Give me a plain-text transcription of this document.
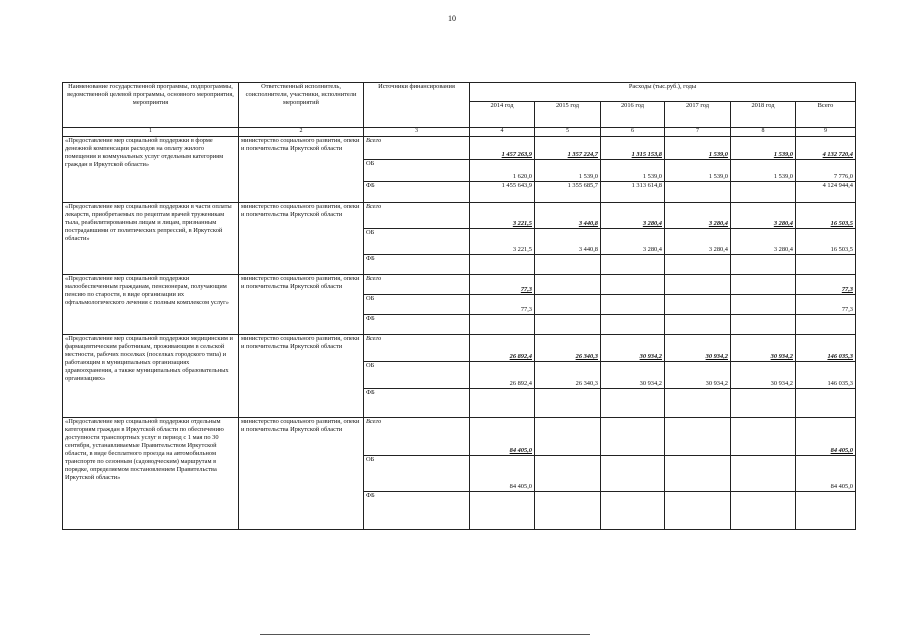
10
Наименование государственной программы, подпрограммы, ведомственной целевой программы, основного мероприятия, мероприятия	Ответственный исполнитель, соисполнители, участники, исполнители мероприятий	Источники финансирования	Расходы (тыс.руб.), годы					
			2014 год	2015 год	2016 год	2017 год	2018 год	Всего
1	2	3	4	5	6	7	8	9
«Предоставление мер социальной поддержки в форме денежной компенсации расходов на оплату жилого помещения и коммунальных услуг отдельным категориям граждан в Иркутской области»	министерство социального развития, опеки и попечительства Иркутской области	Всего	1 457 263,9	1 357 224,7	1 315 153,8	1 539,0	1 539,0	4 132 720,4
		ОБ	1 620,0	1 539,0	1 539,0	1 539,0	1 539,0	7 776,0
		ФБ	1 455 643,9	1 355 685,7	1 313 614,8			4 124 944,4
«Предоставление мер социальной поддержки в части оплаты лекарств, приобретаемых по рецептам врачей труженикам тыла, реабилитированным лицам и лицам, признанным пострадавшими от политических репрессий, в Иркутской области»	министерство социального развития, опеки и попечительства Иркутской области	Всего	3 221,5	3 440,8	3 280,4	3 280,4	3 280,4	16 503,5
		ОБ	3 221,5	3 440,8	3 280,4	3 280,4	3 280,4	16 503,5
		ФБ						
«Предоставление мер социальной поддержки малообеспеченным гражданам, пенсионерам, получающим пенсию по старости, в виде организации их офтальмологического лечения с полным комплексом услуг»	министерство социального развития, опеки и попечительства Иркутской области	Всего	77,3					77,3
		ОБ	77,3					77,3
		ФБ						
«Предоставление мер социальной поддержки медицинским и фармацевтическим работникам, проживающим в сельской местности, рабочих поселках (поселках городского типа) и работающим в муниципальных организациях здравоохранения, а также муниципальных образовательных организациях»	министерство социального развития, опеки и попечительства Иркутской области	Всего	26 892,4	26 340,3	30 934,2	30 934,2	30 934,2	146 035,3
		ОБ	26 892,4	26 340,3	30 934,2	30 934,2	30 934,2	146 035,3
		ФБ						
«Предоставление мер социальной поддержки отдельным категориям граждан в Иркутской области по обеспечению доступности транспортных услуг в период с 1 мая по 30 сентября, устанавливаемые Правительством Иркутской области, в виде бесплатного проезда на автомобильном транспорте по сезонным (садоводческим) маршрутам в порядке, определяемом постановлением Правительства Иркутской области»	министерство социального развития, опеки и попечительства Иркутской области	Всего	84 405,0					84 405,0
		ОБ	84 405,0					84 405,0
		ФБ						
